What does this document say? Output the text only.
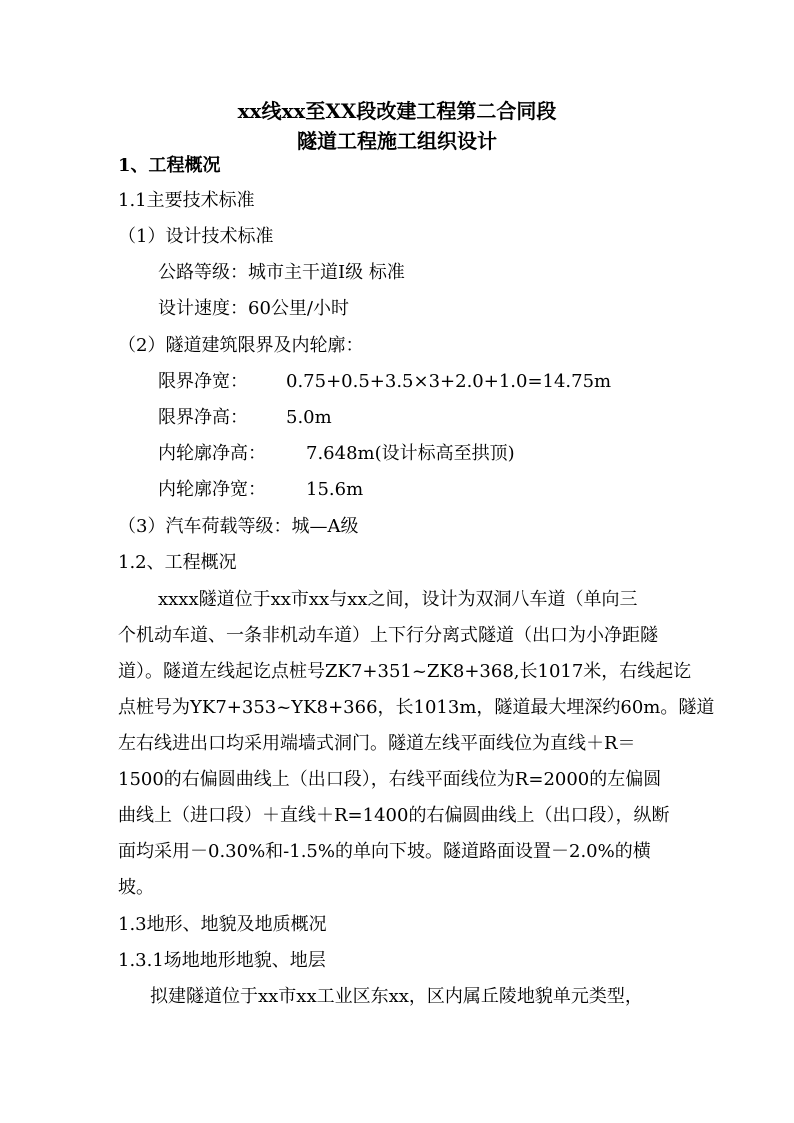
xx线xx至XX段改建工程第二合同段
隧道工程施工组织设计
1、工程概况
1.1主要技术标准
（1）设计技术标准
公路等级：城市主干道Ⅰ级 标准
设计速度：60公里/小时
（2）隧道建筑限界及内轮廓：
限界净宽： 0.75+0.5+3.5×3+2.0+1.0=14.75m
限界净高： 5.0m
内轮廓净高： 7.648m(设计标高至拱顶)
内轮廓净宽： 15.6m
（3）汽车荷载等级：城—A级
1.2、工程概况
xxxx隧道位于xx市xx与xx之间，设计为双洞八车道（单向三
个机动车道、一条非机动车道）上下行分离式隧道（出口为小净距隧
道）。隧道左线起讫点桩号ZK7+351~ZK8+368,长1017米，右线起讫
点桩号为YK7+353~YK8+366，长1013m，隧道最大埋深约60m。隧道
左右线进出口均采用端墙式洞门。隧道左线平面线位为直线＋R＝
1500的右偏圆曲线上（出口段），右线平面线位为R=2000的左偏圆
曲线上（进口段）＋直线＋R=1400的右偏圆曲线上（出口段），纵断
面均采用－0.30%和-1.5%的单向下坡。隧道路面设置－2.0%的横
坡。
1.3地形、地貌及地质概况
1.3.1场地地形地貌、地层
拟建隧道位于xx市xx工业区东xx，区内属丘陵地貌单元类型，
